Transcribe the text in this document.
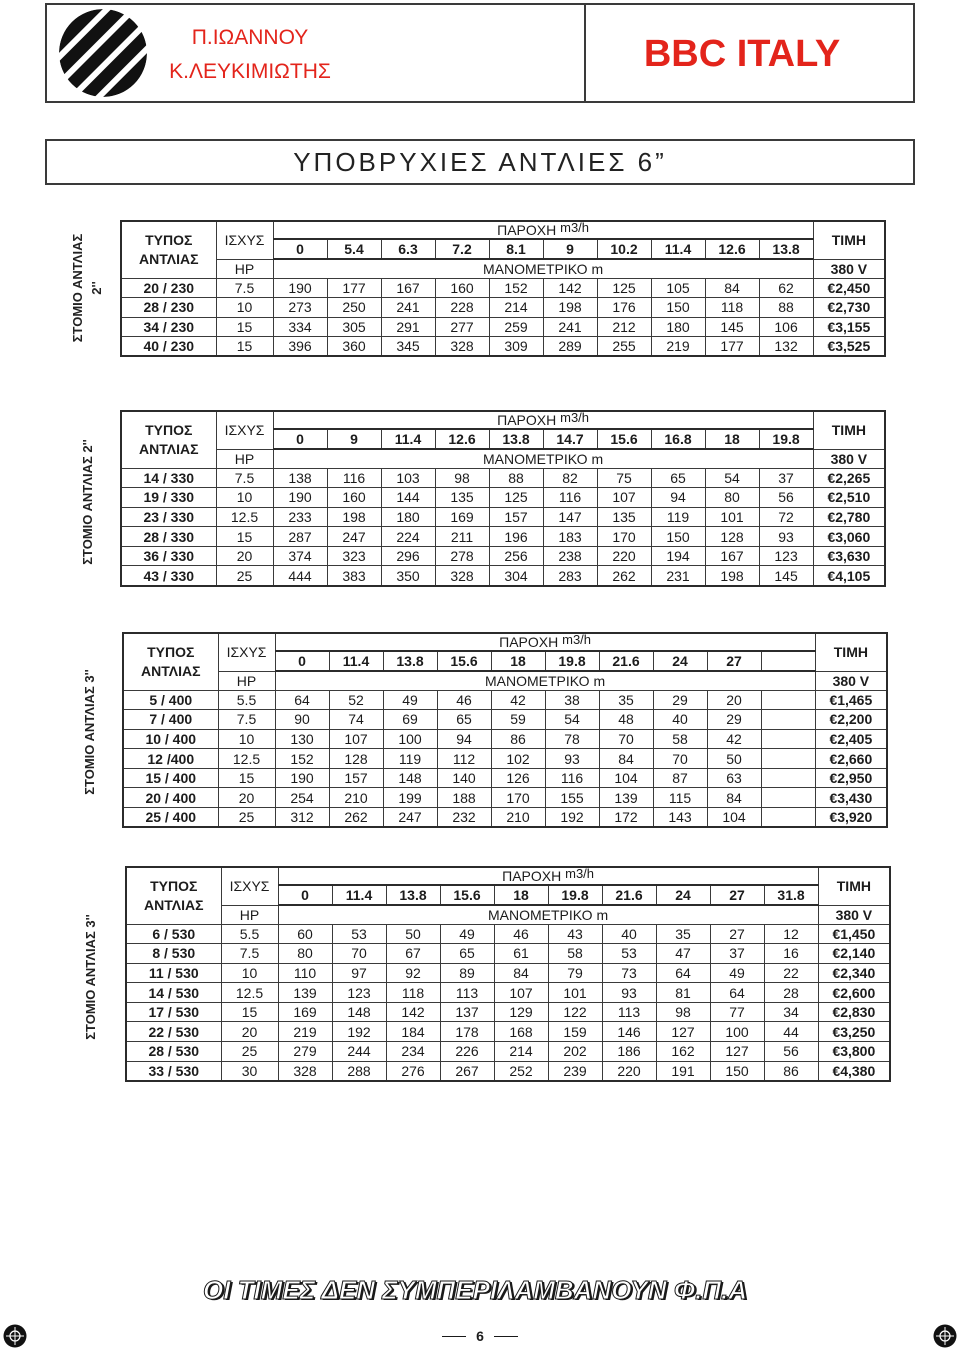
Π.ΙΩΑΝΝΟΥ
Κ.ΛΕΥΚΙΜΙΩΤΗΣ	BBC ITALY
ΥΠΟΒΡΥΧΙΕΣ ΑΝΤΛΙΕΣ 6”
ΣΤΟΜΙΟ ΑΝΤΛΙΑΣ 2''
ΣΤΟΜΙΟ ΑΝΤΛΙΑΣ 2''
ΣΤΟΜΙΟ ΑΝΤΛΙΑΣ 3''
ΣΤΟΜΙΟ ΑΝΤΛΙΑΣ 3''
ΤΥΠΟΣ
ΑΝΤΛΙΑΣ	ΙΣΧΥΣ	ΠΑΡΟΧΗ m3/h										ΤΙΜΗ
		0	5.4	6.3	7.2	8.1	9	10.2	11.4	12.6	13.8	
	HP	ΜΑΝΟΜΕΤΡΙΚΟ m										380 V
20 / 230	7.5	190	177	167	160	152	142	125	105	84	62	€2,450
28 / 230	10	273	250	241	228	214	198	176	150	118	88	€2,730
34 / 230	15	334	305	291	277	259	241	212	180	145	106	€3,155
40 / 230	15	396	360	345	328	309	289	255	219	177	132	€3,525
ΤΥΠΟΣ
ΑΝΤΛΙΑΣ	ΙΣΧΥΣ	ΠΑΡΟΧΗ m3/h										ΤΙΜΗ
		0	9	11.4	12.6	13.8	14.7	15.6	16.8	18	19.8	
	HP	ΜΑΝΟΜΕΤΡΙΚΟ m										380 V
14 / 330	7.5	138	116	103	98	88	82	75	65	54	37	€2,265
19 / 330	10	190	160	144	135	125	116	107	94	80	56	€2,510
23 / 330	12.5	233	198	180	169	157	147	135	119	101	72	€2,780
28 / 330	15	287	247	224	211	196	183	170	150	128	93	€3,060
36 / 330	20	374	323	296	278	256	238	220	194	167	123	€3,630
43 / 330	25	444	383	350	328	304	283	262	231	198	145	€4,105
ΤΥΠΟΣ
ΑΝΤΛΙΑΣ	ΙΣΧΥΣ	ΠΑΡΟΧΗ m3/h										ΤΙΜΗ
		0	11.4	13.8	15.6	18	19.8	21.6	24	27		
	HP	ΜΑΝΟΜΕΤΡΙΚΟ m										380 V
5 / 400	5.5	64	52	49	46	42	38	35	29	20		€1,465
7 / 400	7.5	90	74	69	65	59	54	48	40	29		€2,200
10 / 400	10	130	107	100	94	86	78	70	58	42		€2,405
12 /400	12.5	152	128	119	112	102	93	84	70	50		€2,660
15 / 400	15	190	157	148	140	126	116	104	87	63		€2,950
20 / 400	20	254	210	199	188	170	155	139	115	84		€3,430
25 / 400	25	312	262	247	232	210	192	172	143	104		€3,920
ΤΥΠΟΣ
ΑΝΤΛΙΑΣ	ΙΣΧΥΣ	ΠΑΡΟΧΗ m3/h										ΤΙΜΗ
		0	11.4	13.8	15.6	18	19.8	21.6	24	27	31.8	
	HP	ΜΑΝΟΜΕΤΡΙΚΟ m										380 V
6 / 530	5.5	60	53	50	49	46	43	40	35	27	12	€1,450
8 / 530	7.5	80	70	67	65	61	58	53	47	37	16	€2,140
11 / 530	10	110	97	92	89	84	79	73	64	49	22	€2,340
14 / 530	12.5	139	123	118	113	107	101	93	81	64	28	€2,600
17 / 530	15	169	148	142	137	129	122	113	98	77	34	€2,830
22 / 530	20	219	192	184	178	168	159	146	127	100	44	€3,250
28 / 530	25	279	244	234	226	214	202	186	162	127	56	€3,800
33 / 530	30	328	288	276	267	252	239	220	191	150	86	€4,380
ΟΙ ΤΙΜΕΣ ΔΕΝ ΣΥΜΠΕΡΙΛΑΜΒΑΝΟΥΝ Φ.Π.Α
6
